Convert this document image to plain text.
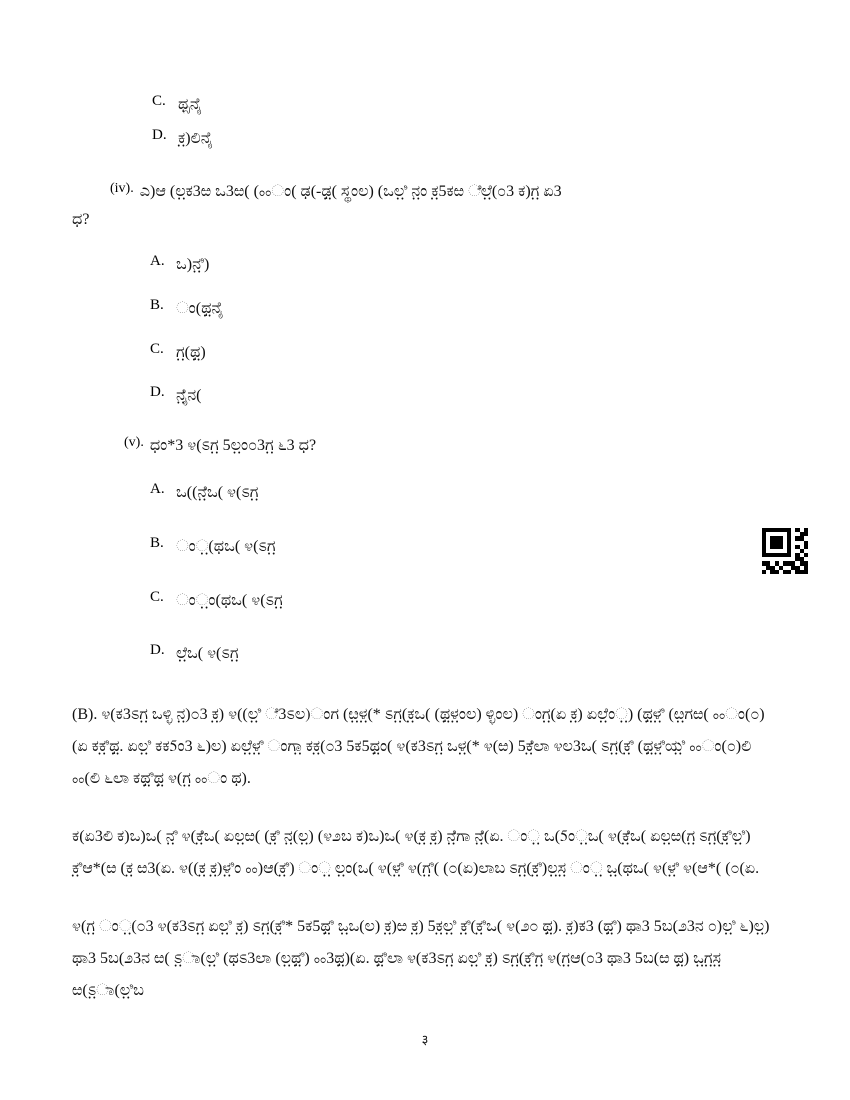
C. ಥ್ಸನೈ
D. ಕ಼)ಲಿನೈ
(iv). ಎ)ಆ (ಲ಼ಕ3ಱ ಒ3ಱ( (ೲಂ( ಢ(-ಢ಼( ಸ್ಥಂಲ) (ಒಲ಼ಿ ನ಼ಂ ಕ಼5ಕಱ ೆಲ಼ೆ(೦3 ಕ)ಗ಼ ಏ3
ಧ?
A. ಒ)ನ಼ಿ)
B. ಂ(ಥ಼ನೈ
C. ಗ಼(ಥ಼)
D. ನ಼ೈನ(
(v). ಧಂ*3 ೪(ಽಗ಼ 5ಲ಼ಂ೦3ಗ಼ ೬3 ಧ?
A. ಒ((ನ಼ೆಒ( ೪(ಽಗ಼
B. ಂ಼(ಥಒ( ೪(ಽಗ಼
C. ಂ಼ಂ(ಥಒ( ೪(ಽಗ಼
D. ಲ಼ೆಒ( ೪(ಽಗ಼
(B). ೪(ಕ3ಽಗ಼ ಒಳ್ಳಿ ನ಼)೦3 ಕ಼) ೪((ಲ಼ಿ ೆ3ಽಲ)ಂಗ (ೞ಼ಳ಼(* ಽಗ಼(ಕ಼ಒ( (ಥ಼ಳ಼ಂಲ) ಳ್ಳಿಂಲ) ಂಗ಼(ಏ ಕ಼) ಏಲ಼ೆಂ಼) (ಥ಼ಳ಼ಿ (ೞ಼ಗಱ( ೲಂ(೦) (ಏ ಕಕ಼ಿಥ಼. ಏಲ಼ಿ ಕಕ5ಂ3 ೬)ಲ) ಏಲ಼ೆಳ಼ಿ ಂಗಾ಼ ಕಕ಼(೦3 5ಕ5ಥ಼ಂ( ೪(ಕ3ಽಗ಼ ಒಳ಼(* ೪(ಱ) 5ಕ಼ೆಲಾ ೪ಲ3ಒ( ಽಗ಼(ಕ಼ಿ (ಥ಼ಳ಼ಿಯ಼ಿ ೲಂ(೦)ಲಿ ೲ(ಲಿ ೬ಲಾ ಕಥ಼ಿಥ಼ ೪(ಗ಼ ೲಂ ಥ).
ಕ(ಏ3ಲಿ ಕ)ಒ)ಒ( ನ಼ಿ ೪(ಕ಼ೆಒ( ಏಲ಼ಱ( (ಕ಼ಿ ನ಼(ಲ಼) (೪೨ಬ ಕ)ಒ)ಒ( ೪(ಕ಼ ಕ಼) ನ಼ೆಗಾ ನ಼ೆ(ಏ. ಂ಼ ಒ(5ಂ಼ಒ( ೪(ಕ಼ೆಒ( ಏಲ಼ಱ(ಗ಼ ಽಗ಼(ಕ಼ಿಲ಼ಿ) ಕ಼ಿಆ*(ಱ (ಕ಼ ಱ3(ಏ. ೪((ಕ಼ ಕ಼)ಳ಼ಿಂ ೲ)ಆ(ಕ಼ಿ) ಂ಼ ಲ಼ಂ(ಒ( ೪(ಳ಼ಿ ೪(ಗ಼ಿ( (೦(ಏ)ಲಾಬ ಽಗ಼(ಕ಼ಿ)ಲ಼ಸ಼ ಂ಼ ಒ಼(ಥಒ( ೪(ಳ಼ಿ ೪(ಆ*( (೦(ಏ.
೪(ಗ಼ ಂ಼(೦3 ೪(ಕ3ಽಗ಼ ಏಲ಼ಿ ಕ಼) ಽಗ಼(ಕ಼ಿ* 5ಕ5ಥ಼ಿ ಒ಼ಒ(ಲ) ಕ಼)ಱ ಕ಼) 5ಕ಼ಲ಼ಿ ಕ಼ಿ(ಕ಼ಿಒ( ೪(೨೦ ಥ಼). ಕ಼)ಕ3 (ಥ಼ಿ) ಥಾ3 5ಬ(೨3ನ ೦)ಲ಼ಿ ೬)ಲ಼) ಥಾ3 5ಬ(೨3ನ ಱ( ಽ಼ಾ(ಲ಼ಿ (ಥಽ3ಲಾ (ಲ಼ಥ಼ಿ) ೲ3ಥ಼)(ಏ. ಥ಼ಿಲಾ ೪(ಕ3ಽಗ಼ ಏಲ಼ಿ ಕ಼) ಽಗ಼(ಕ಼ಿಗ಼ ೪(ಗ಼ಆ(೦3 ಥಾ3 5ಬ(ಱ ಥ಼) ಒ಼ಗ಼ಸ಼ ಱ(ಽ಼ಾ(ಲ಼ಿಬ
३
